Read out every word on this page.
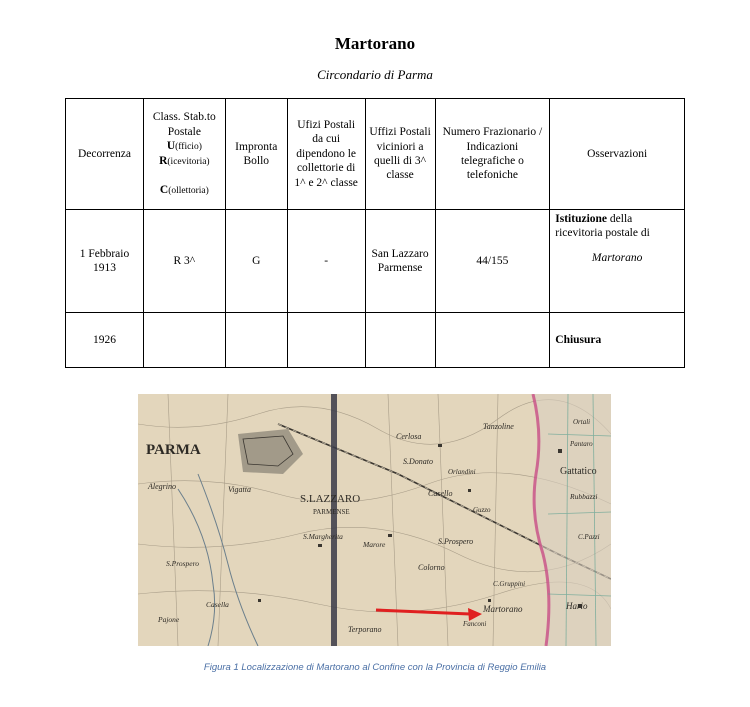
Martorano
Circondario di Parma
Decorrenza	Class. Stab.to
Postale
U(fficio)
R(icevitoria)

C(ollettoria)	Impronta Bollo	Ufizi Postali da cui dipendono le collettorie di 1^ e 2^ classe	Uffizi Postali viciniori a quelli di 3^ classe	Numero Frazionario / Indicazioni telegrafiche o telefoniche	Osservazioni
1 Febbraio 1913	R 3^	G	-	San Lazzaro Parmense	44/155	Istituzione della ricevitoria postale di
Martorano

1926						Chiusura
PARMA
S.LAZZARO
PARMENSE
Martorano
Gattatico
S.Donato
S.Prospero
Colorno
Cerlosa
Tanzoline
Casello
S.Margherita
Marore
Alegrino	Vigatta
S.Prospero
Casella
Pajone
Terporano
Fanconi
C.Gruppini
Hario
Rubbazzi
C.Pazzi
Pantaro
Ortali
Guzzo
Orlandini
Figura 1 Localizzazione di Martorano al Confine con la Provincia di Reggio Emilia
